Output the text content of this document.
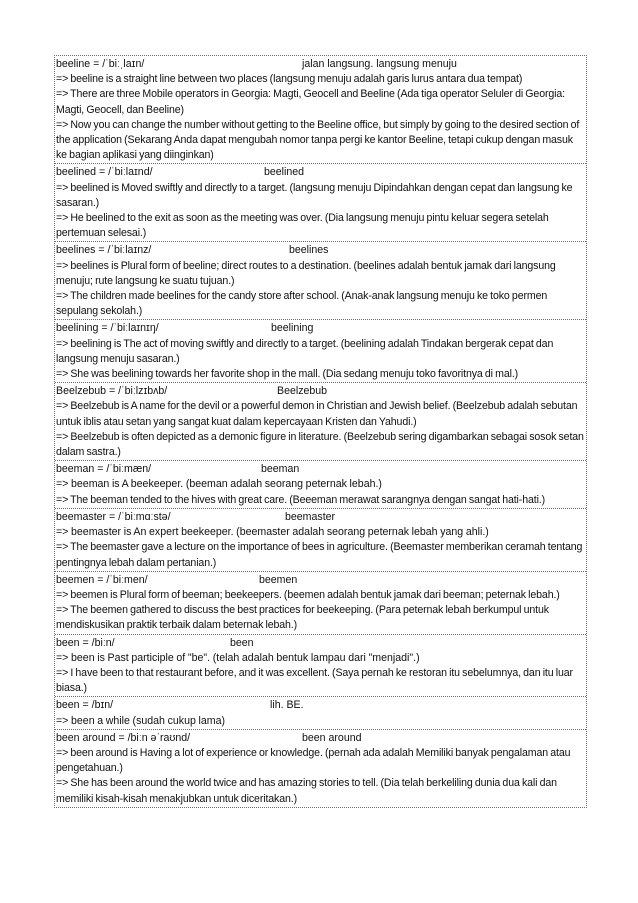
beeline = /ˈbiːˌlaɪn/	jalan langsung. langsung menuju
=> beeline is a straight line between two places (langsung menuju adalah garis lurus antara dua tempat)
=> There are three Mobile operators in Georgia: Magti, Geocell and Beeline (Ada tiga operator Seluler di Georgia: Magti, Geocell, dan Beeline)
=> Now you can change the number without getting to the Beeline office, but simply by going to the desired section of the application (Sekarang Anda dapat mengubah nomor tanpa pergi ke kantor Beeline, tetapi cukup dengan masuk ke bagian aplikasi yang diinginkan)
beelined = /ˈbiːlaɪnd/	beelined
=> beelined is Moved swiftly and directly to a target. (langsung menuju Dipindahkan dengan cepat dan langsung ke sasaran.)
=> He beelined to the exit as soon as the meeting was over. (Dia langsung menuju pintu keluar segera setelah pertemuan selesai.)
beelines = /ˈbiːlaɪnz/	beelines
=> beelines is Plural form of beeline; direct routes to a destination. (beelines adalah bentuk jamak dari langsung menuju; rute langsung ke suatu tujuan.)
=> The children made beelines for the candy store after school. (Anak-anak langsung menuju ke toko permen sepulang sekolah.)
beelining = /ˈbiːlaɪnɪŋ/	beelining
=> beelining is The act of moving swiftly and directly to a target. (beelining adalah Tindakan bergerak cepat dan langsung menuju sasaran.)
=> She was beelining towards her favorite shop in the mall. (Dia sedang menuju toko favoritnya di mal.)
Beelzebub = /ˈbiːlzɪbʌb/	Beelzebub
=> Beelzebub is A name for the devil or a powerful demon in Christian and Jewish belief. (Beelzebub adalah sebutan untuk iblis atau setan yang sangat kuat dalam kepercayaan Kristen dan Yahudi.)
=> Beelzebub is often depicted as a demonic figure in literature. (Beelzebub sering digambarkan sebagai sosok setan dalam sastra.)
beeman = /ˈbiːmæn/	beeman
=> beeman is A beekeeper. (beeman adalah seorang peternak lebah.)
=> The beeman tended to the hives with great care. (Beeeman merawat sarangnya dengan sangat hati-hati.)
beemaster = /ˈbiːmɑːstə/	beemaster
=> beemaster is An expert beekeeper. (beemaster adalah seorang peternak lebah yang ahli.)
=> The beemaster gave a lecture on the importance of bees in agriculture. (Beemaster memberikan ceramah tentang pentingnya lebah dalam pertanian.)
beemen = /ˈbiːmen/	beemen
=> beemen is Plural form of beeman; beekeepers. (beemen adalah bentuk jamak dari beeman; peternak lebah.)
=> The beemen gathered to discuss the best practices for beekeeping. (Para peternak lebah berkumpul untuk mendiskusikan praktik terbaik dalam beternak lebah.)
been = /biːn/	been
=> been is Past participle of "be". (telah adalah bentuk lampau dari "menjadi".)
=> I have been to that restaurant before, and it was excellent. (Saya pernah ke restoran itu sebelumnya, dan itu luar biasa.)
been = /bɪn/	lih. BE.
=> been a while (sudah cukup lama)
been around = /biːn əˈraʊnd/	been around
=> been around is Having a lot of experience or knowledge. (pernah ada adalah Memiliki banyak pengalaman atau pengetahuan.)
=> She has been around the world twice and has amazing stories to tell. (Dia telah berkeliling dunia dua kali dan memiliki kisah-kisah menakjubkan untuk diceritakan.)
